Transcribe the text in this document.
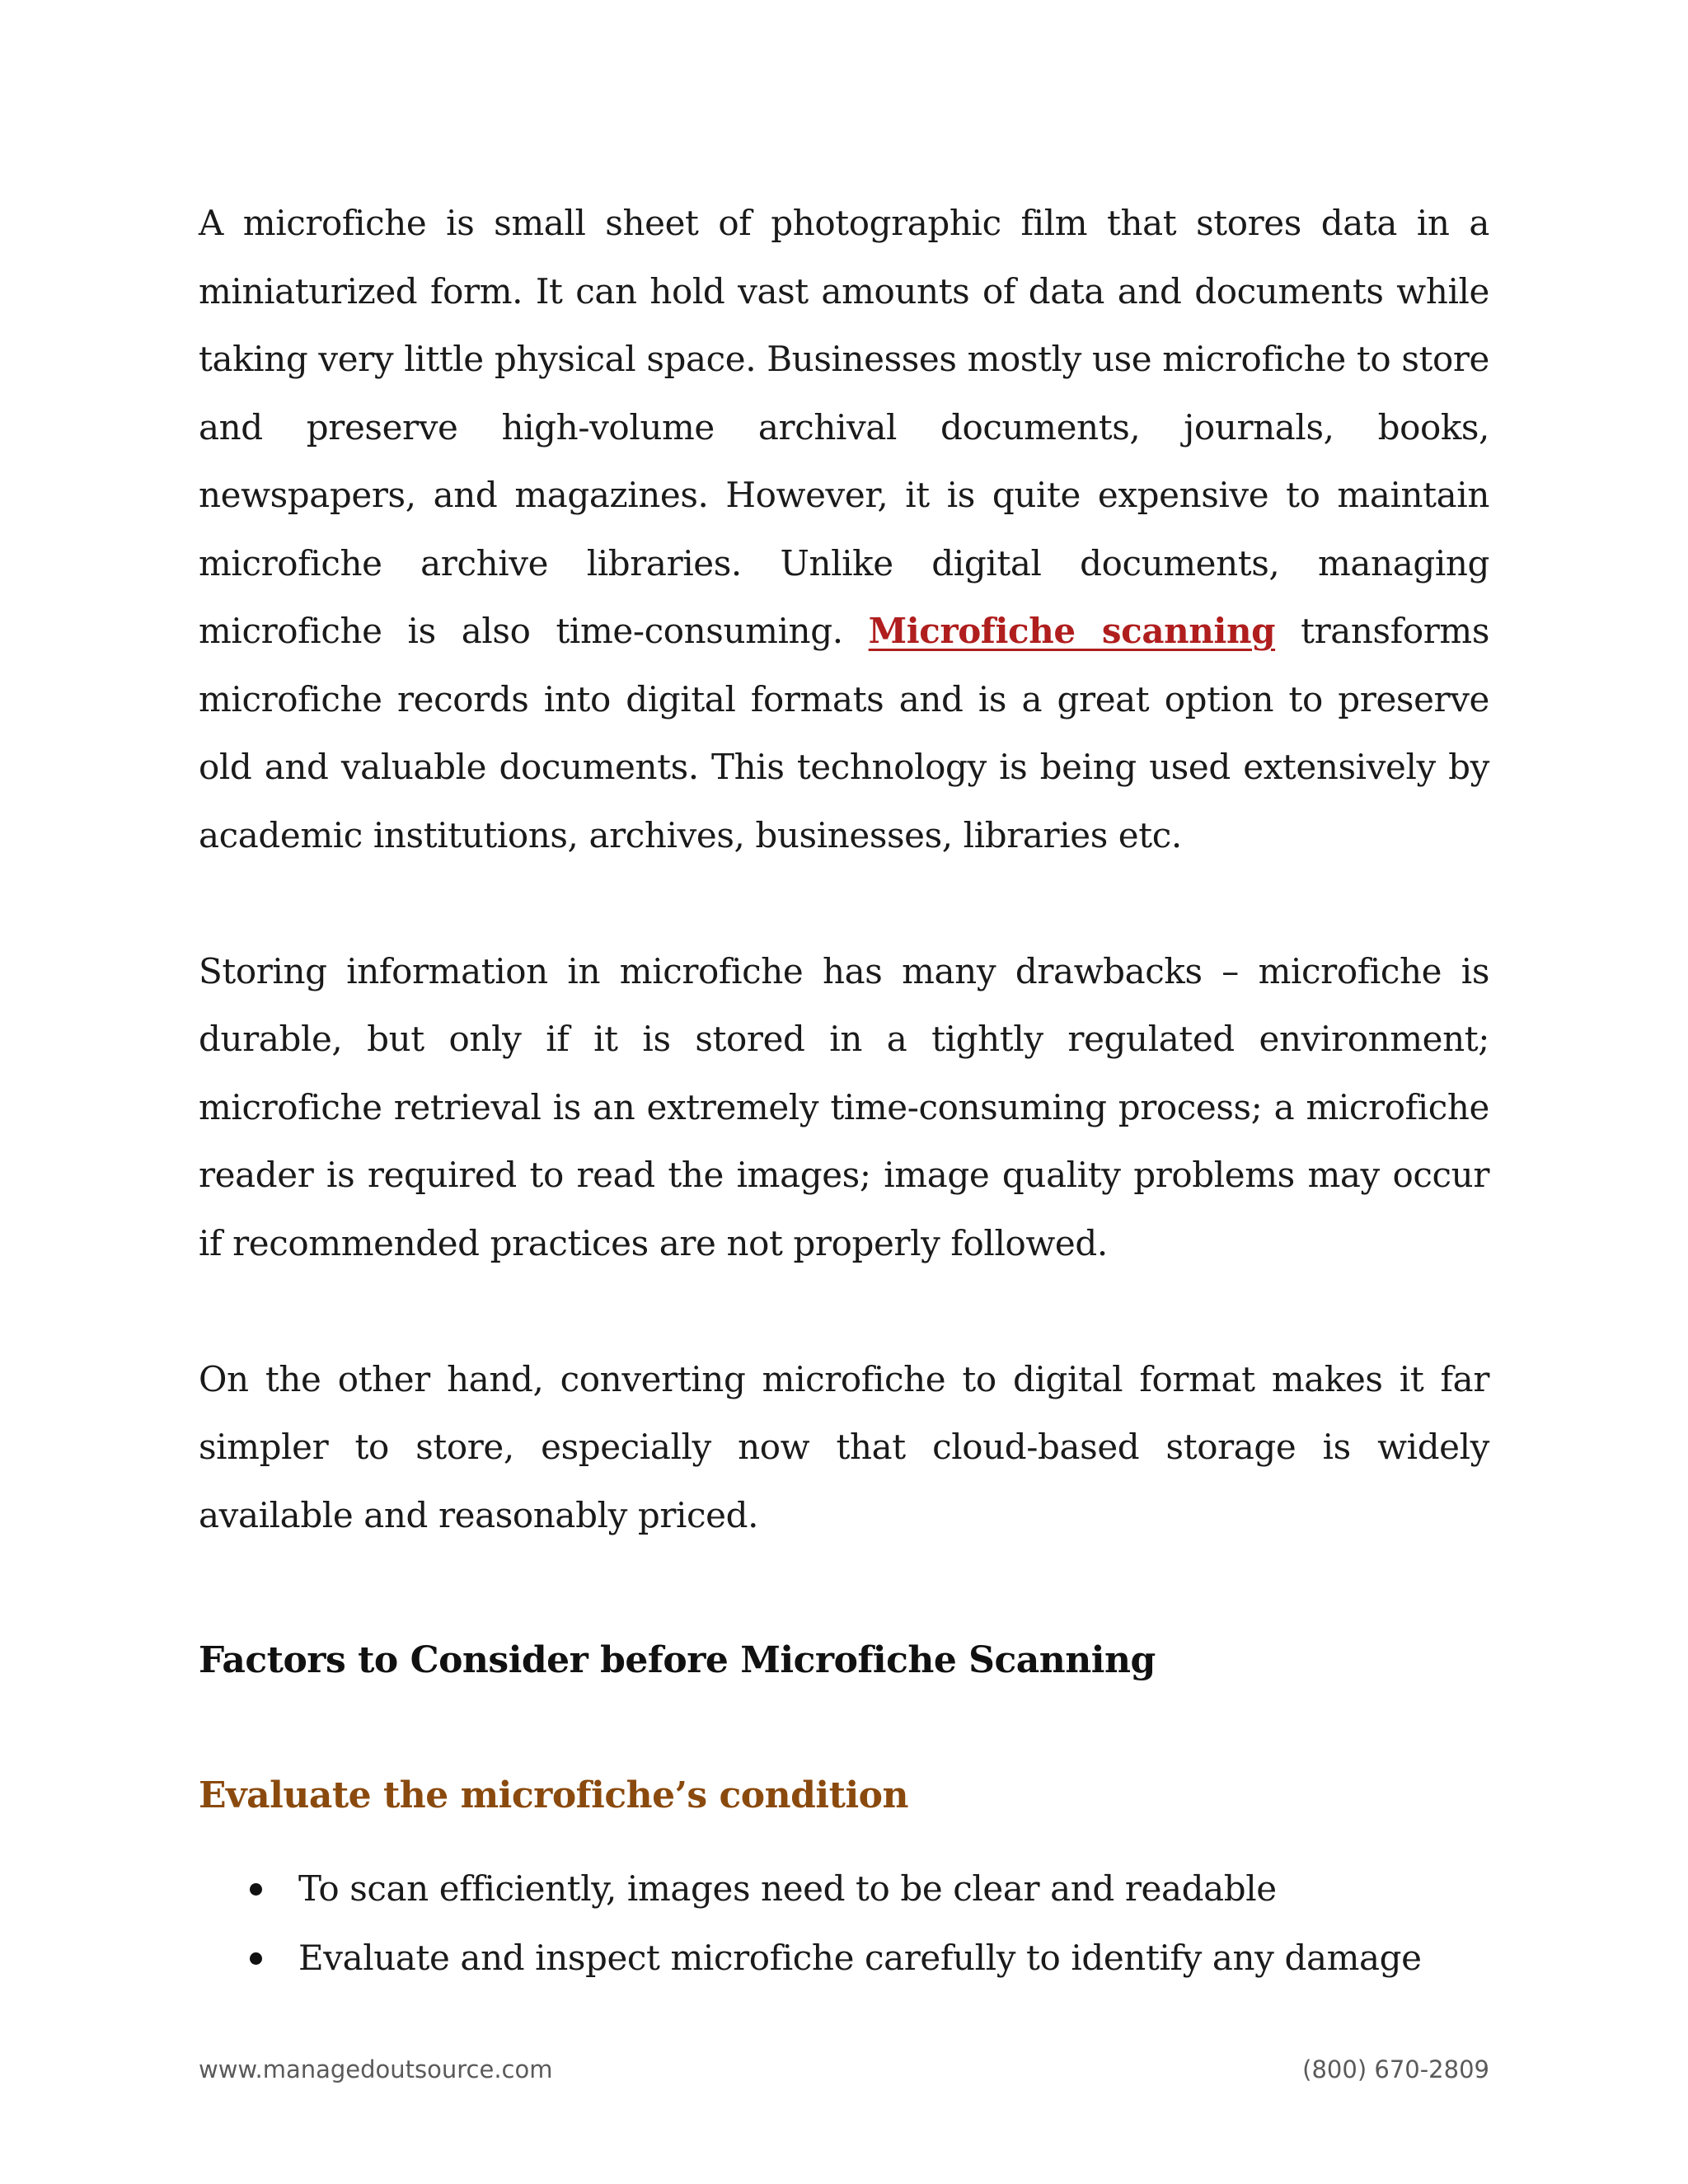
A microfiche is small sheet of photographic film that stores data in a miniaturized form. It can hold vast amounts of data and documents while taking very little physical space. Businesses mostly use microfiche to store and preserve high-volume archival documents, journals, books, newspapers, and magazines. However, it is quite expensive to maintain microfiche archive libraries. Unlike digital documents, managing microfiche is also time-consuming. Microfiche scanning transforms microfiche records into digital formats and is a great option to preserve old and valuable documents. This technology is being used extensively by academic institutions, archives, businesses, libraries etc.

Storing information in microfiche has many drawbacks – microfiche is durable, but only if it is stored in a tightly regulated environment; microfiche retrieval is an extremely time-consuming process; a microfiche reader is required to read the images; image quality problems may occur if recommended practices are not properly followed.

On the other hand, converting microfiche to digital format makes it far simpler to store, especially now that cloud-based storage is widely available and reasonably priced.

Factors to Consider before Microfiche Scanning
Evaluate the microfiche’s condition
To scan efficiently, images need to be clear and readable
Evaluate and inspect microfiche carefully to identify any damage
www.managedoutsource.com	(800) 670-2809
